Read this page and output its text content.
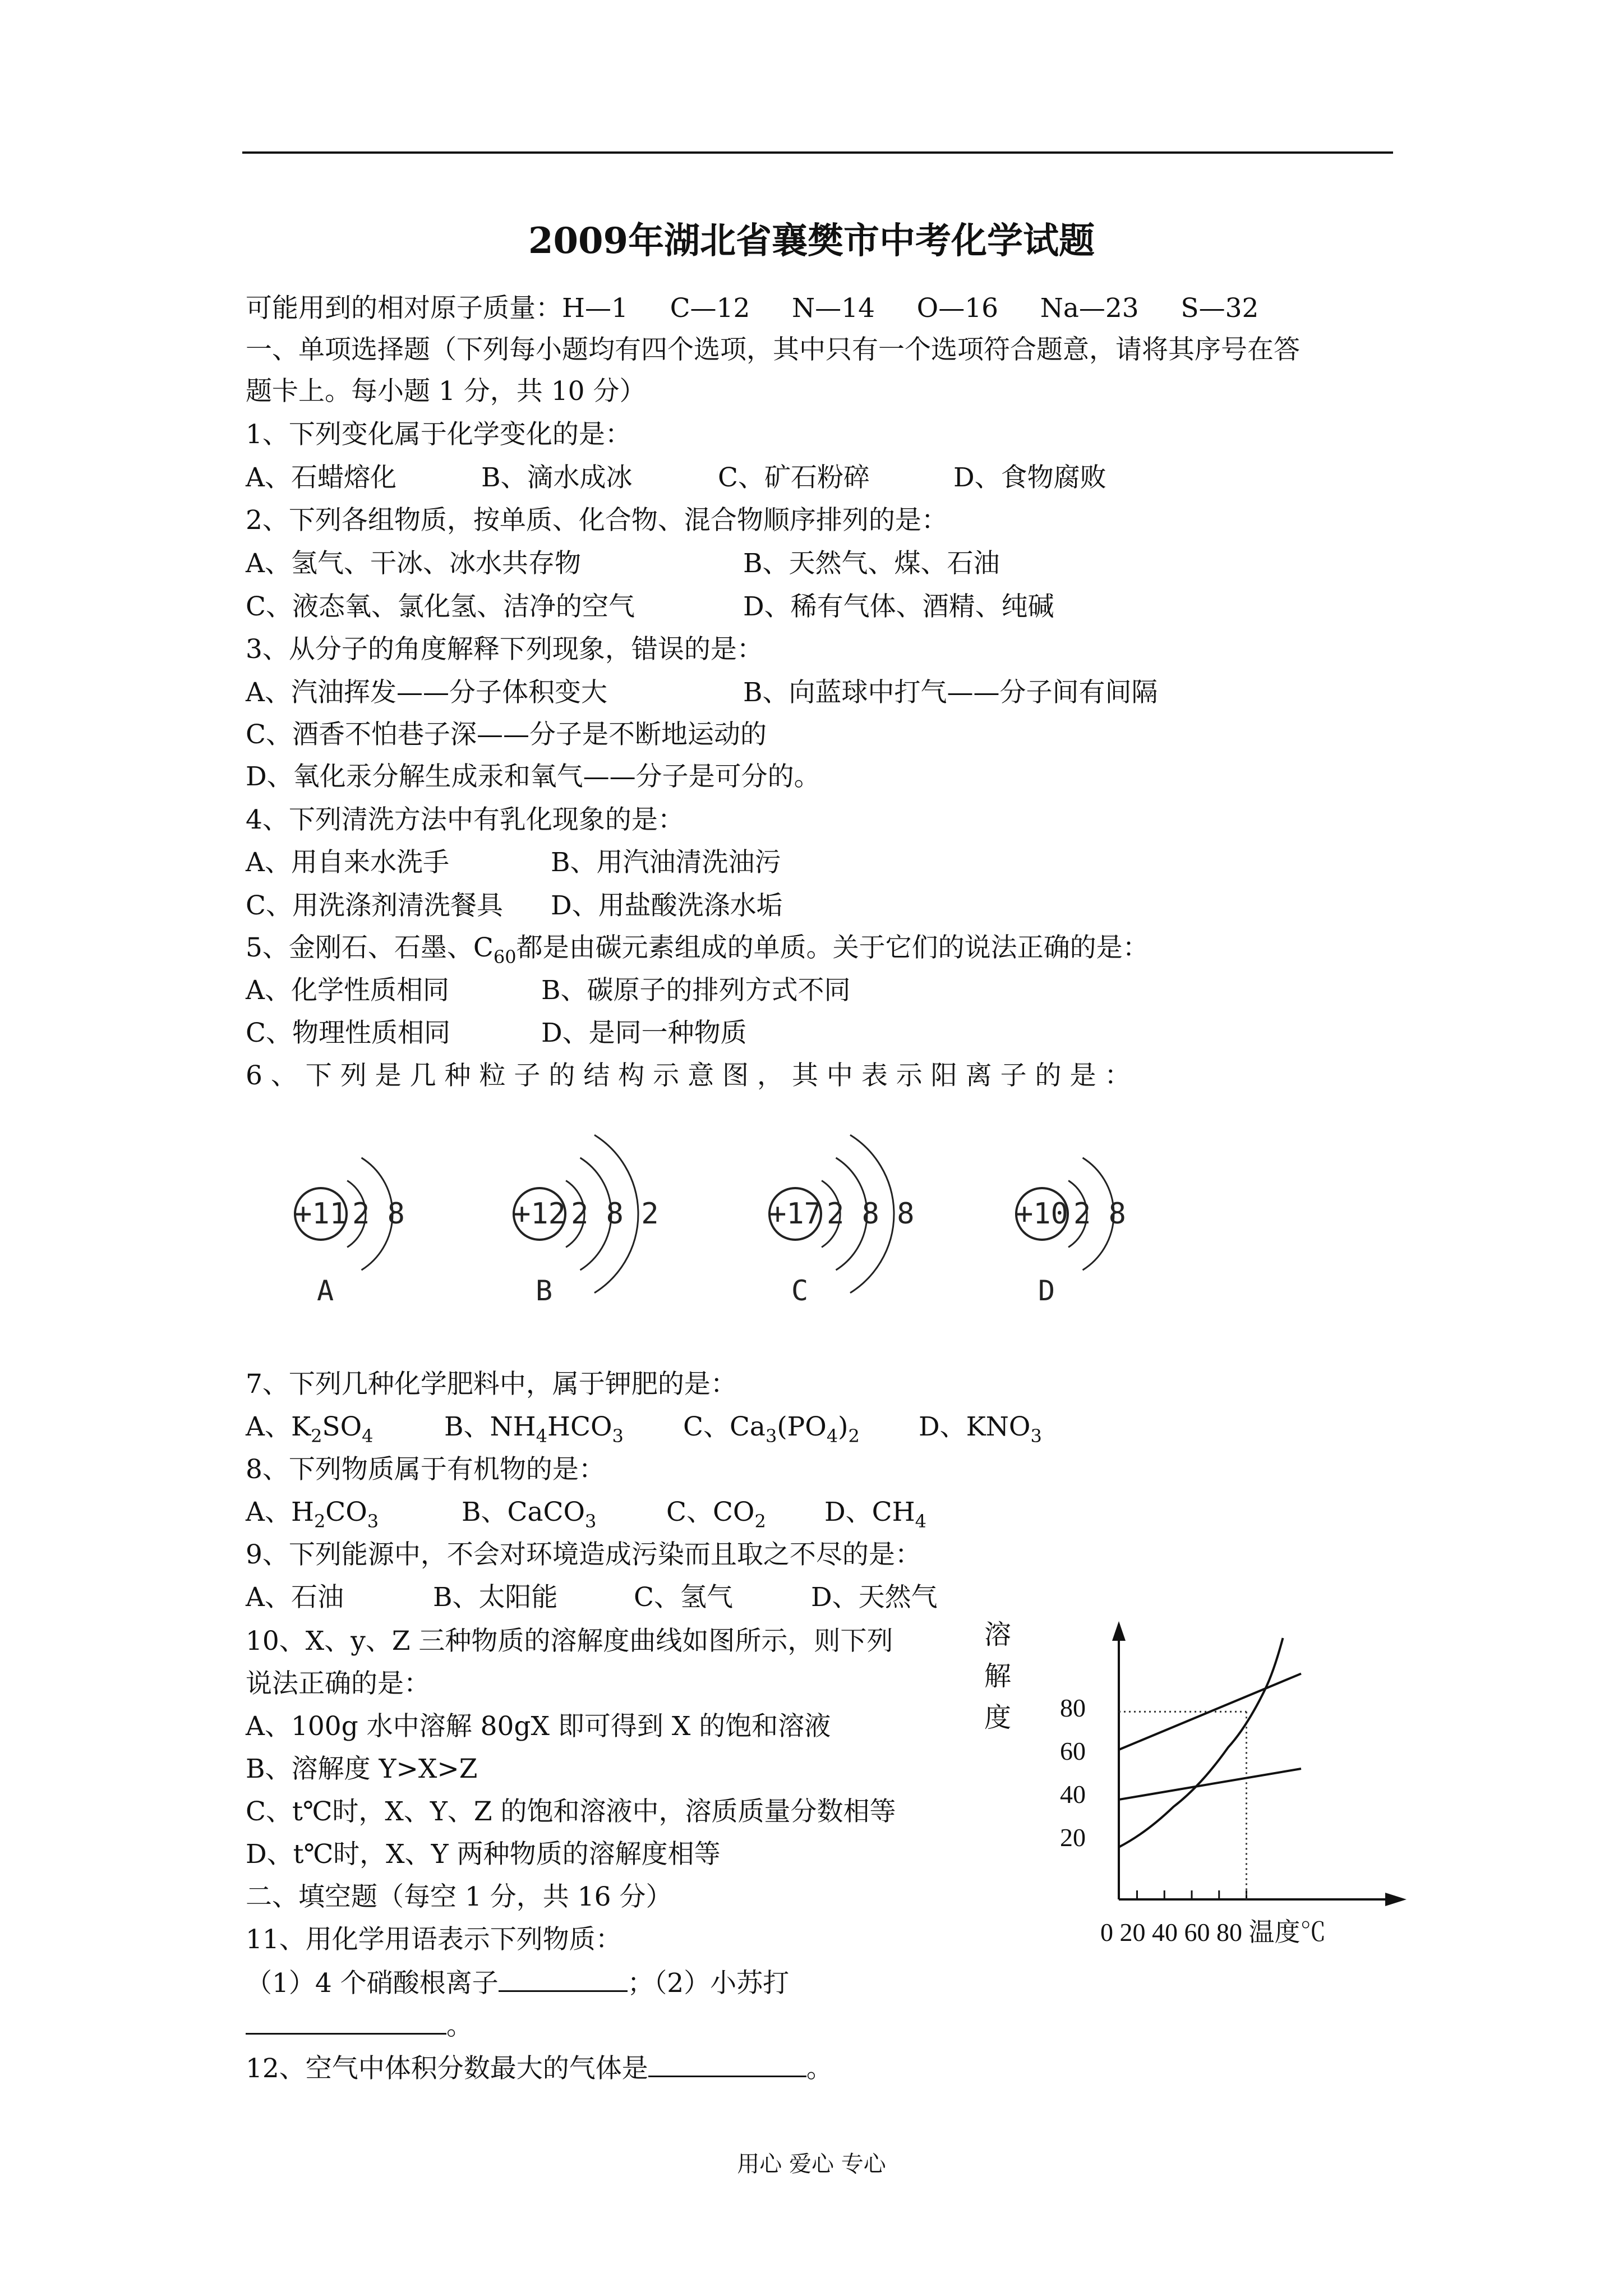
2009年湖北省襄樊市中考化学试题
可能用到的相对原子质量：H—1     C—12     N—14     O—16     Na—23     S—32
一、单项选择题（下列每小题均有四个选项，其中只有一个选项符合题意，请将其序号在答
题卡上。每小题 1 分，共 10 分）
1、下列变化属于化学变化的是：
A、石蜡熔化	B、滴水成冰	C、矿石粉碎	D、食物腐败
2、下列各组物质，按单质、化合物、混合物顺序排列的是：
A、氢气、干冰、冰水共存物	B、天然气、煤、石油
C、液态氧、氯化氢、洁净的空气	D、稀有气体、酒精、纯碱
3、从分子的角度解释下列现象，错误的是：
A、汽油挥发——分子体积变大	B、向蓝球中打气——分子间有间隔
C、酒香不怕巷子深——分子是不断地运动的
D、氧化汞分解生成汞和氧气——分子是可分的。
4、下列清洗方法中有乳化现象的是：
A、用自来水洗手	B、用汽油清洗油污
C、用洗涤剂清洗餐具 D、用盐酸洗涤水垢
5、金刚石、石墨、$C_{60}$都是由碳元素组成的单质。关于它们的说法正确的是：
A、化学性质相同	B、碳原子的排列方式不同
C、物理性质相同	D、是同一种物质
6 、 下 列 是 几 种 粒 子 的 结 构 示 意 图 ， 其 中 表 示 阳 离 子 的 是 ：
+11 2 8
A
+12 2 8 2
B
+17 2 8 8
C
+10 2 8
D
7、下列几种化学肥料中，属于钾肥的是：
A、$K_2SO_4$	B、$NH_4HCO_3$ C、$Ca_3(PO_4)_2$ D、$KNO_3$
8、下列物质属于有机物的是：
A、$H_2CO_3$	B、CaCO$_3$	C、$CO_2$ D、$CH_4$
9、下列能源中，不会对环境造成污染而且取之不尽的是：
A、石油	B、太阳能	C、氢气	D、天然气
10、X、y、Z 三种物质的溶解度曲线如图所示，则下列
说法正确的是：
A、100g 水中溶解 80gX 即可得到 X 的饱和溶液
B、溶解度 Y>X>Z
C、t℃时，X、Y、Z 的饱和溶液中，溶质质量分数相等
D、t℃时，X、Y 两种物质的溶解度相等
80
60
40
20
溶
解
度
0 20 40 60 80 温度℃
二、填空题（每空 1 分，共 16 分）
11、用化学用语表示下列物质：
（1）4 个硝酸根离子	；（2）小苏打
。
12、空气中体积分数最大的气体是	。
用心 爱心 专心
